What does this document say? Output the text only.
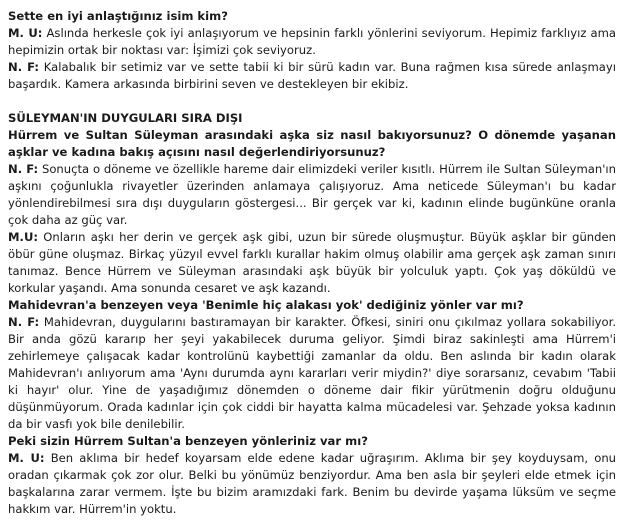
Sette en iyi anlaştığınız isim kim?

M. U: Aslında herkesle çok iyi anlaşıyorum ve hepsinin farklı yönlerini seviyorum. Hepimiz farklıyız ama hepimizin ortak bir noktası var: İşimizi çok seviyoruz.

N. F: Kalabalık bir setimiz var ve sette tabii ki bir sürü kadın var. Buna rağmen kısa sürede anlaşmayı başardık. Kamera arkasında birbirini seven ve destekleyen bir ekibiz.

SÜLEYMAN'IN DUYGULARI SIRA DIŞI

Hürrem ve Sultan Süleyman arasındaki aşka siz nasıl bakıyorsunuz? O dönemde yaşanan aşklar ve kadına bakış açısını nasıl değerlendiriyorsunuz?

N. F: Sonuçta o döneme ve özellikle hareme dair elimizdeki veriler kısıtlı. Hürrem ile Sultan Süleyman'ın aşkını çoğunlukla rivayetler üzerinden anlamaya çalışıyoruz. Ama neticede Süleyman'ı bu kadar yönlendirebilmesi sıra dışı duyguların göstergesi... Bir gerçek var ki, kadının elinde bugünküne oranla çok daha az güç var.

M.U: Onların aşkı her derin ve gerçek aşk gibi, uzun bir sürede oluşmuştur. Büyük aşklar bir günden öbür güne oluşmaz. Birkaç yüzyıl evvel farklı kurallar hakim olmuş olabilir ama gerçek aşk zaman sınırı tanımaz. Bence Hürrem ve Süleyman arasındaki aşk büyük bir yolculuk yaptı. Çok yaş döküldü ve korkular yaşandı. Ama sonunda cesaret ve aşk kazandı.

Mahidevran'a benzeyen veya 'Benimle hiç alakası yok' dediğiniz yönler var mı?

N. F: Mahidevran, duygularını bastıramayan bir karakter. Öfkesi, siniri onu çıkılmaz yollara sokabiliyor. Bir anda gözü kararıp her şeyi yakabilecek duruma geliyor. Şimdi biraz sakinleşti ama Hürrem'i zehirlemeye çalışacak kadar kontrolünü kaybettiği zamanlar da oldu. Ben aslında bir kadın olarak Mahidevran'ı anlıyorum ama 'Aynı durumda aynı kararları verir miydin?' diye sorarsanız, cevabım 'Tabii ki hayır' olur. Yine de yaşadığımız dönemden o döneme dair fikir yürütmenin doğru olduğunu düşünmüyorum. Orada kadınlar için çok ciddi bir hayatta kalma mücadelesi var. Şehzade yoksa kadının da bir vasfı yok bile denilebilir.

Peki sizin Hürrem Sultan'a benzeyen yönleriniz var mı?

M. U: Ben aklıma bir hedef koyarsam elde edene kadar uğraşırım. Aklıma bir şey koyduysam, onu oradan çıkarmak çok zor olur. Belki bu yönümüz benziyordur. Ama ben asla bir şeyleri elde etmek için başkalarına zarar vermem. İşte bu bizim aramızdaki fark. Benim bu devirde yaşama lüksüm ve seçme hakkım var. Hürrem'in yoktu.
